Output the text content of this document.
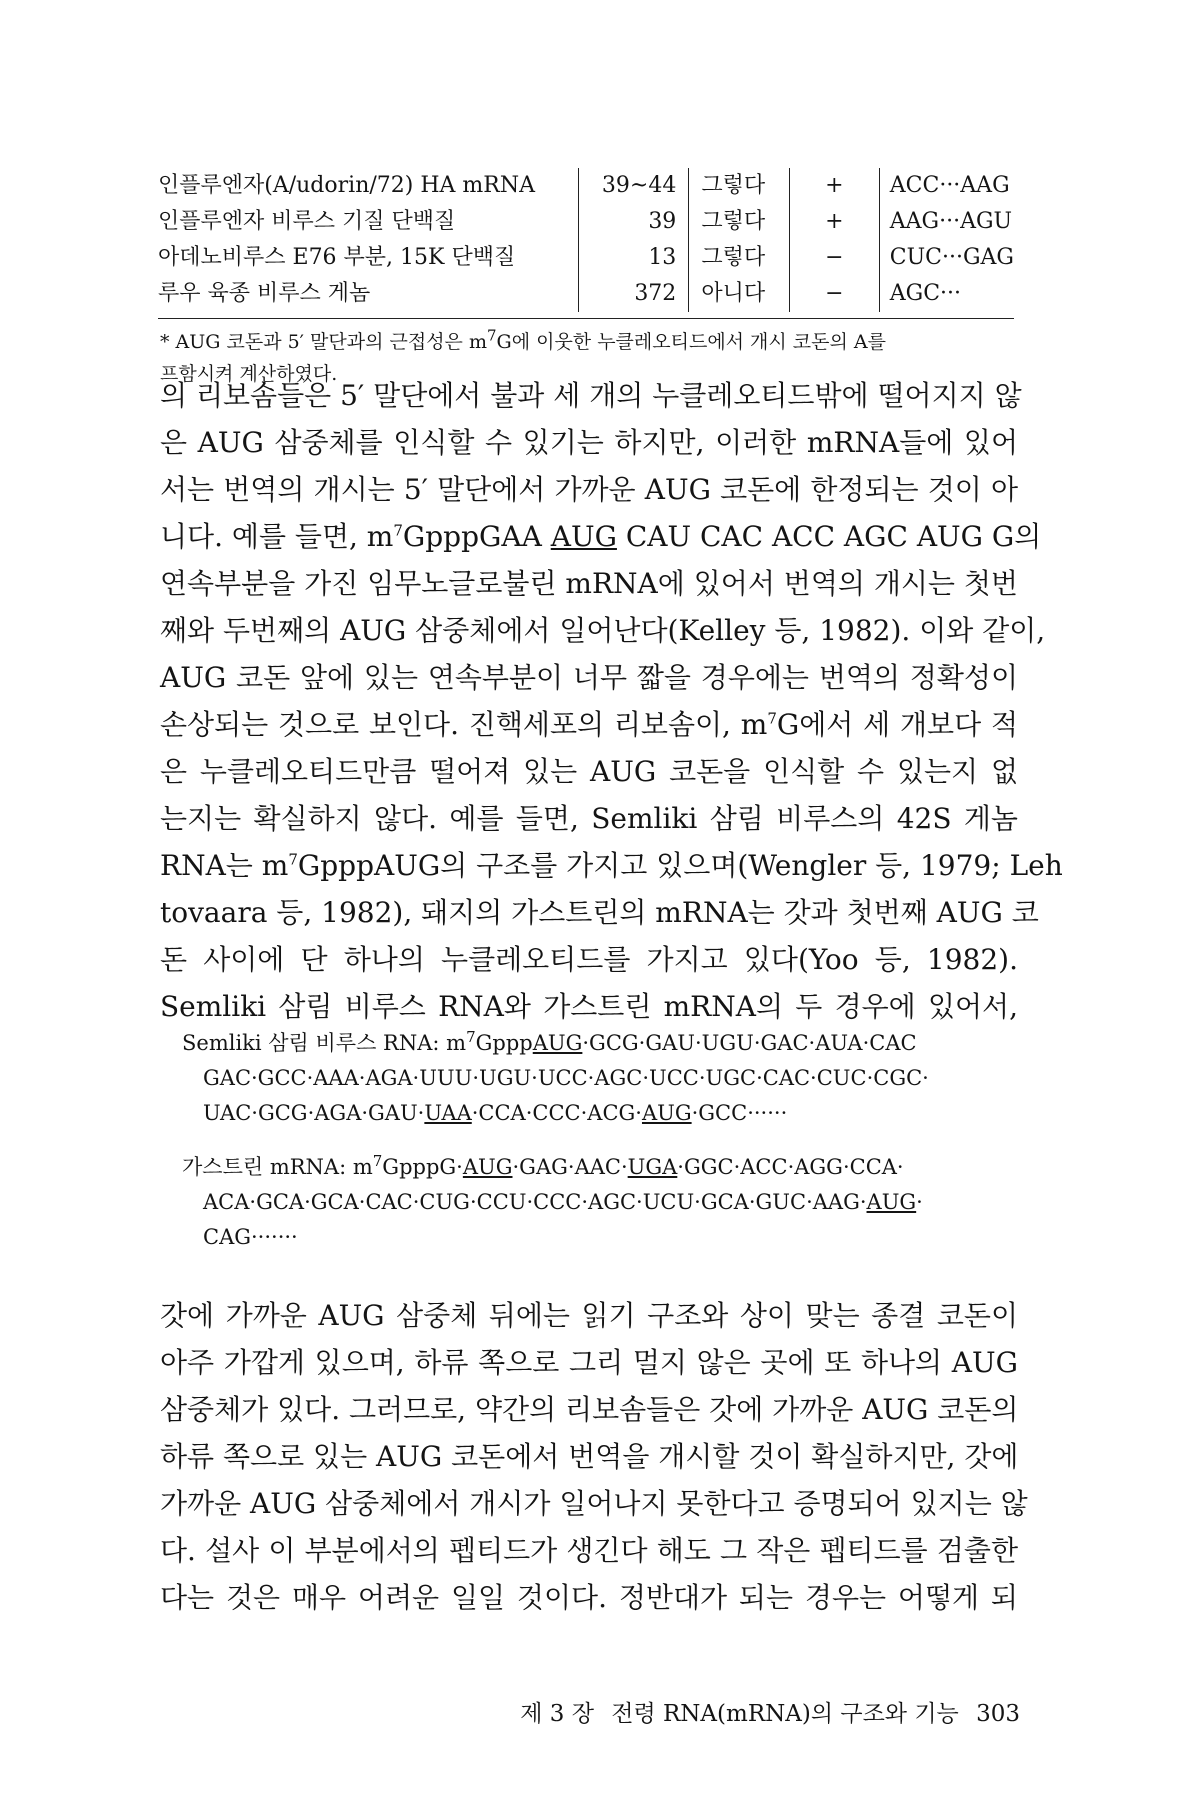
인플루엔자(A/udorin/72) HA mRNA	39~44	그렇다	+	ACC···AAG
인플루엔자 비루스 기질 단백질	39	그렇다	+	AAG···AGU
아데노비루스 E76 부분, 15K 단백질	13	그렇다	−	CUC···GAG
루우 육종 비루스 게놈	372	아니다	−	AGC···
* AUG 코돈과 5′ 말단과의 근접성은 $m^7G$에 이웃한 누클레오티드에서 개시 코돈의 A를
프함시켜 계산하였다.
의 리보솜들은 5′ 말단에서 불과 세 개의 누클레오티드밖에 떨어지지 않
은 AUG 삼중체를 인식할 수 있기는 하지만, 이러한 mRNA들에 있어
서는 번역의 개시는 5′ 말단에서 가까운 AUG 코돈에 한정되는 것이 아
니다. 예를 들면, $m^7GpppGAA$ AUG CAU CAC ACC AGC AUG G의
연속부분을 가진 임무노글로불린 mRNA에 있어서 번역의 개시는 첫번
째와 두번째의 AUG 삼중체에서 일어난다(Kelley 등, 1982). 이와 같이,
AUG 코돈 앞에 있는 연속부분이 너무 짧을 경우에는 번역의 정확성이
손상되는 것으로 보인다. 진핵세포의 리보솜이, $m^7G$에서 세 개보다 적
은 누클레오티드만큼 떨어져 있는 AUG 코돈을 인식할 수 있는지 없
는지는 확실하지 않다. 예를 들면, Semliki 삼림 비루스의 42S 게놈
RNA는 $m^7GpppAUG$의 구조를 가지고 있으며(Wengler 등, 1979; Leh
tovaara 등, 1982), 돼지의 가스트린의 mRNA는 갓과 첫번째 AUG 코
돈 사이에 단 하나의 누클레오티드를 가지고 있다(Yoo 등, 1982).
Semliki 삼림 비루스 RNA와 가스트린 mRNA의 두 경우에 있어서,
Semliki 삼림 비루스 RNA: $m^7GpppAUG\cdot GCG\cdot GAU\cdot UGU\cdot GAC\cdot AUA\cdot CAC$
GAC·GCC·AAA·AGA·UUU·UGU·UCC·AGC·UCC·UGC·CAC·CUC·CGC·
UAC·GCG·AGA·GAU·UAA·CCA·CCC·ACG·AUG·GCC······
가스트린 mRNA: $m^7GpppG\cdot AUG\cdot GAG\cdot AAC\cdot UGA\cdot GGC\cdot ACC\cdot AGG\cdot CCA\cdot$
ACA·GCA·GCA·CAC·CUG·CCU·CCC·AGC·UCU·GCA·GUC·AAG·AUG·
CAG·······
갓에 가까운 AUG 삼중체 뒤에는 읽기 구조와 상이 맞는 종결 코돈이
아주 가깝게 있으며, 하류 쪽으로 그리 멀지 않은 곳에 또 하나의 AUG
삼중체가 있다. 그러므로, 약간의 리보솜들은 갓에 가까운 AUG 코돈의
하류 쪽으로 있는 AUG 코돈에서 번역을 개시할 것이 확실하지만, 갓에
가까운 AUG 삼중체에서 개시가 일어나지 못한다고 증명되어 있지는 않
다. 설사 이 부분에서의 펩티드가 생긴다 해도 그 작은 펩티드를 검출한
다는 것은 매우 어려운 일일 것이다. 정반대가 되는 경우는 어떻게 되
제 3 장 전령 RNA(mRNA)의 구조와 기능 303
